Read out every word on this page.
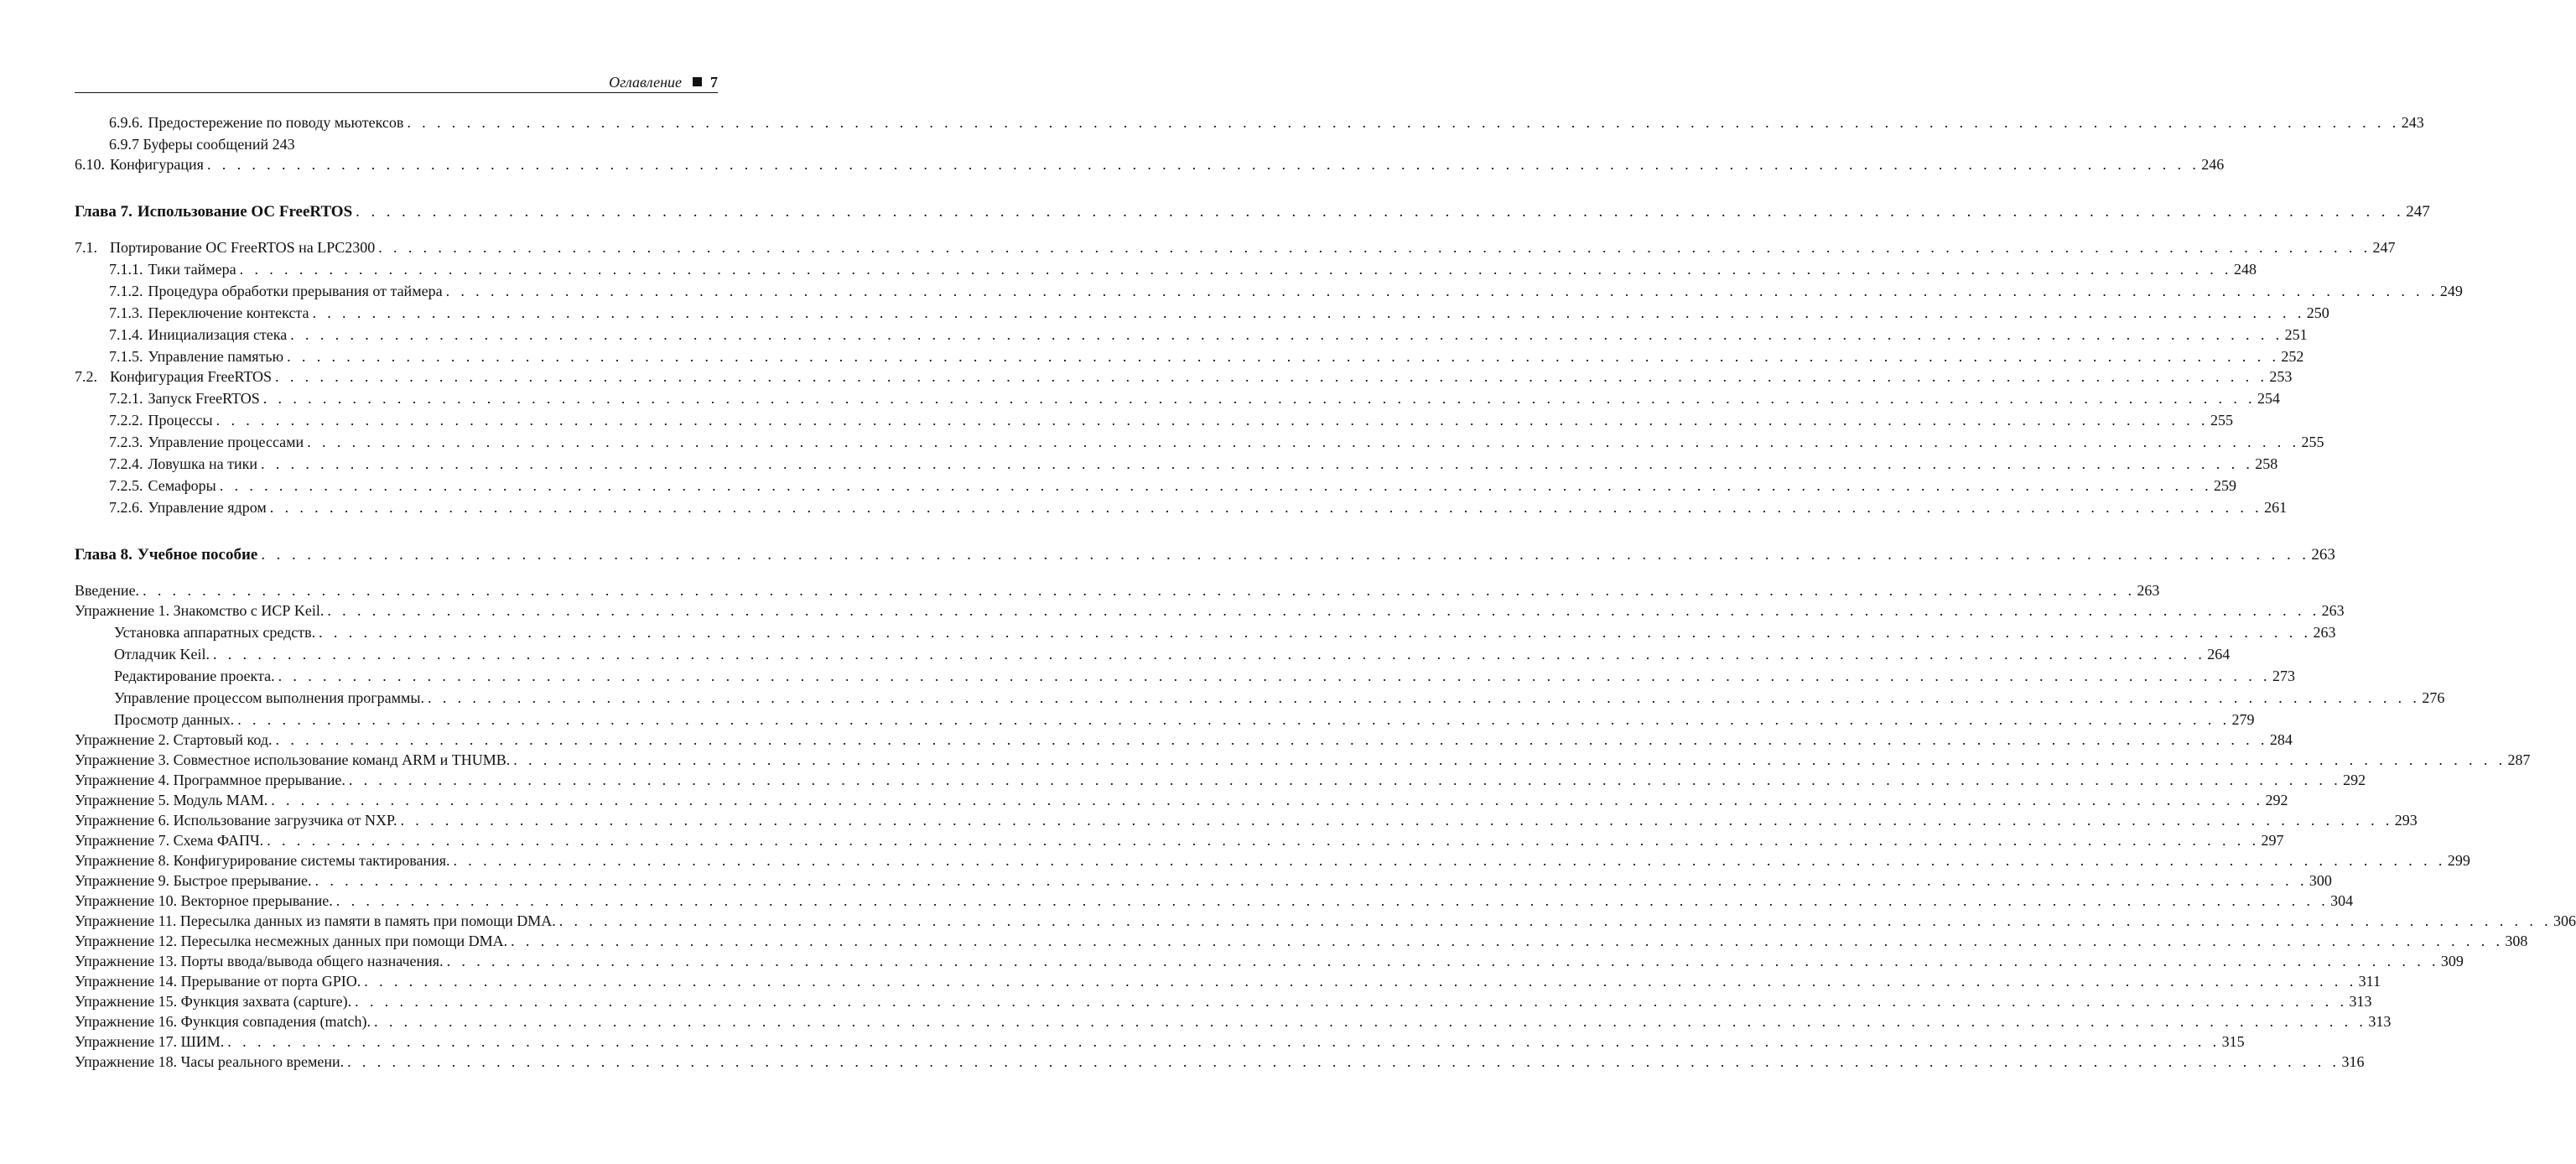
Оглавление 7
6.9.6. Предостережение по поводу мьютексов . . . . . . . . . . . . . . . . . . . . . . . . . . . . . . . . . . . . . . . . . . . . . . . . . . . . . . . . . . . . . . . . . . . . . . . . . . . . . . . . . . . . . . . . . . . . . . . . . . . . . . . . . . . . . . . . . . . . . . . . . . . . . . . . . . . . . . 243
6.9.7 Буферы сообщений 243
6.10. Конфигурация . . . . . . . . . . . . . . . . . . . . . . . . . . . . . . . . . . . . . . . . . . . . . . . . . . . . . . . . . . . . . . . . . . . . . . . . . . . . . . . . . . . . . . . . . . . . . . . . . . . . . . . . . . . . . . . . . . . . . . . . . . . . . . . . . . . . . . 246
Глава 7. Использование ОС FreeRTOS . . . . . . . . . . . . . . . . . . . . . . . . . . . . . . . . . . . . . . . . . . . . . . . . . . . . . . . . . . . . . . . . . . . . . . . . . . . . . . . . . . . . . . . . . . . . . . . . . . . . . . . . . . . . . . . . . . . . . . . . . . . . . . . . . . . . . . 247
7.1. Портирование ОС FreeRTOS на LPC2300 . . . . . . . . . . . . . . . . . . . . . . . . . . . . . . . . . . . . . . . . . . . . . . . . . . . . . . . . . . . . . . . . . . . . . . . . . . . . . . . . . . . . . . . . . . . . . . . . . . . . . . . . . . . . . . . . . . . . . . . . . . . . . . . . . . . . . . 247
7.1.1. Тики таймера . . . . . . . . . . . . . . . . . . . . . . . . . . . . . . . . . . . . . . . . . . . . . . . . . . . . . . . . . . . . . . . . . . . . . . . . . . . . . . . . . . . . . . . . . . . . . . . . . . . . . . . . . . . . . . . . . . . . . . . . . . . . . . . . . . . . . . 248
7.1.2. Процедура обработки прерывания от таймера . . . . . . . . . . . . . . . . . . . . . . . . . . . . . . . . . . . . . . . . . . . . . . . . . . . . . . . . . . . . . . . . . . . . . . . . . . . . . . . . . . . . . . . . . . . . . . . . . . . . . . . . . . . . . . . . . . . . . . . . . . . . . . . . . . . . . . 249
7.1.3. Переключение контекста . . . . . . . . . . . . . . . . . . . . . . . . . . . . . . . . . . . . . . . . . . . . . . . . . . . . . . . . . . . . . . . . . . . . . . . . . . . . . . . . . . . . . . . . . . . . . . . . . . . . . . . . . . . . . . . . . . . . . . . . . . . . . . . . . . . . . . 250
7.1.4. Инициализация стека . . . . . . . . . . . . . . . . . . . . . . . . . . . . . . . . . . . . . . . . . . . . . . . . . . . . . . . . . . . . . . . . . . . . . . . . . . . . . . . . . . . . . . . . . . . . . . . . . . . . . . . . . . . . . . . . . . . . . . . . . . . . . . . . . . . . . . 251
7.1.5. Управление памятью . . . . . . . . . . . . . . . . . . . . . . . . . . . . . . . . . . . . . . . . . . . . . . . . . . . . . . . . . . . . . . . . . . . . . . . . . . . . . . . . . . . . . . . . . . . . . . . . . . . . . . . . . . . . . . . . . . . . . . . . . . . . . . . . . . . . . . 252
7.2. Конфигурация FreeRTOS . . . . . . . . . . . . . . . . . . . . . . . . . . . . . . . . . . . . . . . . . . . . . . . . . . . . . . . . . . . . . . . . . . . . . . . . . . . . . . . . . . . . . . . . . . . . . . . . . . . . . . . . . . . . . . . . . . . . . . . . . . . . . . . . . . . . . . 253
7.2.1. Запуск FreeRTOS . . . . . . . . . . . . . . . . . . . . . . . . . . . . . . . . . . . . . . . . . . . . . . . . . . . . . . . . . . . . . . . . . . . . . . . . . . . . . . . . . . . . . . . . . . . . . . . . . . . . . . . . . . . . . . . . . . . . . . . . . . . . . . . . . . . . . . 254
7.2.2. Процессы . . . . . . . . . . . . . . . . . . . . . . . . . . . . . . . . . . . . . . . . . . . . . . . . . . . . . . . . . . . . . . . . . . . . . . . . . . . . . . . . . . . . . . . . . . . . . . . . . . . . . . . . . . . . . . . . . . . . . . . . . . . . . . . . . . . . . . 255
7.2.3. Управление процессами . . . . . . . . . . . . . . . . . . . . . . . . . . . . . . . . . . . . . . . . . . . . . . . . . . . . . . . . . . . . . . . . . . . . . . . . . . . . . . . . . . . . . . . . . . . . . . . . . . . . . . . . . . . . . . . . . . . . . . . . . . . . . . . . . . . . . . 255
7.2.4. Ловушка на тики . . . . . . . . . . . . . . . . . . . . . . . . . . . . . . . . . . . . . . . . . . . . . . . . . . . . . . . . . . . . . . . . . . . . . . . . . . . . . . . . . . . . . . . . . . . . . . . . . . . . . . . . . . . . . . . . . . . . . . . . . . . . . . . . . . . . . . 258
7.2.5. Семафоры . . . . . . . . . . . . . . . . . . . . . . . . . . . . . . . . . . . . . . . . . . . . . . . . . . . . . . . . . . . . . . . . . . . . . . . . . . . . . . . . . . . . . . . . . . . . . . . . . . . . . . . . . . . . . . . . . . . . . . . . . . . . . . . . . . . . . . 259
7.2.6. Управление ядром . . . . . . . . . . . . . . . . . . . . . . . . . . . . . . . . . . . . . . . . . . . . . . . . . . . . . . . . . . . . . . . . . . . . . . . . . . . . . . . . . . . . . . . . . . . . . . . . . . . . . . . . . . . . . . . . . . . . . . . . . . . . . . . . . . . . . . 261
Глава 8. Учебное пособие . . . . . . . . . . . . . . . . . . . . . . . . . . . . . . . . . . . . . . . . . . . . . . . . . . . . . . . . . . . . . . . . . . . . . . . . . . . . . . . . . . . . . . . . . . . . . . . . . . . . . . . . . . . . . . . . . . . . . . . . . . . . . . . . . . . . . . 263
Введение. . . . . . . . . . . . . . . . . . . . . . . . . . . . . . . . . . . . . . . . . . . . . . . . . . . . . . . . . . . . . . . . . . . . . . . . . . . . . . . . . . . . . . . . . . . . . . . . . . . . . . . . . . . . . . . . . . . . . . . . . . . . . . . . . . . . . . . 263
Упражнение 1. Знакомство с ИСР Keil. . . . . . . . . . . . . . . . . . . . . . . . . . . . . . . . . . . . . . . . . . . . . . . . . . . . . . . . . . . . . . . . . . . . . . . . . . . . . . . . . . . . . . . . . . . . . . . . . . . . . . . . . . . . . . . . . . . . . . . . . . . . . . . . . . . . . . . 263
Установка аппаратных средств. . . . . . . . . . . . . . . . . . . . . . . . . . . . . . . . . . . . . . . . . . . . . . . . . . . . . . . . . . . . . . . . . . . . . . . . . . . . . . . . . . . . . . . . . . . . . . . . . . . . . . . . . . . . . . . . . . . . . . . . . . . . . . . . . . . . . . . 263
Отладчик Keil. . . . . . . . . . . . . . . . . . . . . . . . . . . . . . . . . . . . . . . . . . . . . . . . . . . . . . . . . . . . . . . . . . . . . . . . . . . . . . . . . . . . . . . . . . . . . . . . . . . . . . . . . . . . . . . . . . . . . . . . . . . . . . . . . . . . . . . 264
Редактирование проекта. . . . . . . . . . . . . . . . . . . . . . . . . . . . . . . . . . . . . . . . . . . . . . . . . . . . . . . . . . . . . . . . . . . . . . . . . . . . . . . . . . . . . . . . . . . . . . . . . . . . . . . . . . . . . . . . . . . . . . . . . . . . . . . . . . . . . . . 273
Управление процессом выполнения программы. . . . . . . . . . . . . . . . . . . . . . . . . . . . . . . . . . . . . . . . . . . . . . . . . . . . . . . . . . . . . . . . . . . . . . . . . . . . . . . . . . . . . . . . . . . . . . . . . . . . . . . . . . . . . . . . . . . . . . . . . . . . . . . . . . . . . . . 276
Просмотр данных. . . . . . . . . . . . . . . . . . . . . . . . . . . . . . . . . . . . . . . . . . . . . . . . . . . . . . . . . . . . . . . . . . . . . . . . . . . . . . . . . . . . . . . . . . . . . . . . . . . . . . . . . . . . . . . . . . . . . . . . . . . . . . . . . . . . . . . 279
Упражнение 2. Стартовый код. . . . . . . . . . . . . . . . . . . . . . . . . . . . . . . . . . . . . . . . . . . . . . . . . . . . . . . . . . . . . . . . . . . . . . . . . . . . . . . . . . . . . . . . . . . . . . . . . . . . . . . . . . . . . . . . . . . . . . . . . . . . . . . . . . . . . . . 284
Упражнение 3. Совместное использование команд ARM и THUMB. . . . . . . . . . . . . . . . . . . . . . . . . . . . . . . . . . . . . . . . . . . . . . . . . . . . . . . . . . . . . . . . . . . . . . . . . . . . . . . . . . . . . . . . . . . . . . . . . . . . . . . . . . . . . . . . . . . . . . . . . . . . . . . . . . . . . . . 287
Упражнение 4. Программное прерывание. . . . . . . . . . . . . . . . . . . . . . . . . . . . . . . . . . . . . . . . . . . . . . . . . . . . . . . . . . . . . . . . . . . . . . . . . . . . . . . . . . . . . . . . . . . . . . . . . . . . . . . . . . . . . . . . . . . . . . . . . . . . . . . . . . . . . . . 292
Упражнение 5. Модуль МАМ. . . . . . . . . . . . . . . . . . . . . . . . . . . . . . . . . . . . . . . . . . . . . . . . . . . . . . . . . . . . . . . . . . . . . . . . . . . . . . . . . . . . . . . . . . . . . . . . . . . . . . . . . . . . . . . . . . . . . . . . . . . . . . . . . . . . . . . 292
Упражнение 6. Использование загрузчика от NXP. . . . . . . . . . . . . . . . . . . . . . . . . . . . . . . . . . . . . . . . . . . . . . . . . . . . . . . . . . . . . . . . . . . . . . . . . . . . . . . . . . . . . . . . . . . . . . . . . . . . . . . . . . . . . . . . . . . . . . . . . . . . . . . . . . . . . . . 293
Упражнение 7. Схема ФАПЧ. . . . . . . . . . . . . . . . . . . . . . . . . . . . . . . . . . . . . . . . . . . . . . . . . . . . . . . . . . . . . . . . . . . . . . . . . . . . . . . . . . . . . . . . . . . . . . . . . . . . . . . . . . . . . . . . . . . . . . . . . . . . . . . . . . . . . . . 297
Упражнение 8. Конфигурирование системы тактирования. . . . . . . . . . . . . . . . . . . . . . . . . . . . . . . . . . . . . . . . . . . . . . . . . . . . . . . . . . . . . . . . . . . . . . . . . . . . . . . . . . . . . . . . . . . . . . . . . . . . . . . . . . . . . . . . . . . . . . . . . . . . . . . . . . . . . . . 299
Упражнение 9. Быстрое прерывание. . . . . . . . . . . . . . . . . . . . . . . . . . . . . . . . . . . . . . . . . . . . . . . . . . . . . . . . . . . . . . . . . . . . . . . . . . . . . . . . . . . . . . . . . . . . . . . . . . . . . . . . . . . . . . . . . . . . . . . . . . . . . . . . . . . . . . . 300
Упражнение 10. Векторное прерывание. . . . . . . . . . . . . . . . . . . . . . . . . . . . . . . . . . . . . . . . . . . . . . . . . . . . . . . . . . . . . . . . . . . . . . . . . . . . . . . . . . . . . . . . . . . . . . . . . . . . . . . . . . . . . . . . . . . . . . . . . . . . . . . . . . . . . . . 304
Упражнение 11. Пересылка данных из памяти в память при помощи DMA. . . . . . . . . . . . . . . . . . . . . . . . . . . . . . . . . . . . . . . . . . . . . . . . . . . . . . . . . . . . . . . . . . . . . . . . . . . . . . . . . . . . . . . . . . . . . . . . . . . . . . . . . . . . . . . . . . . . . . . . . . . . . . . . . . . . . . . 306
Упражнение 12. Пересылка несмежных данных при помощи DMA. . . . . . . . . . . . . . . . . . . . . . . . . . . . . . . . . . . . . . . . . . . . . . . . . . . . . . . . . . . . . . . . . . . . . . . . . . . . . . . . . . . . . . . . . . . . . . . . . . . . . . . . . . . . . . . . . . . . . . . . . . . . . . . . . . . . . . . 308
Упражнение 13. Порты ввода/вывода общего назначения. . . . . . . . . . . . . . . . . . . . . . . . . . . . . . . . . . . . . . . . . . . . . . . . . . . . . . . . . . . . . . . . . . . . . . . . . . . . . . . . . . . . . . . . . . . . . . . . . . . . . . . . . . . . . . . . . . . . . . . . . . . . . . . . . . . . . . . 309
Упражнение 14. Прерывание от порта GPIO. . . . . . . . . . . . . . . . . . . . . . . . . . . . . . . . . . . . . . . . . . . . . . . . . . . . . . . . . . . . . . . . . . . . . . . . . . . . . . . . . . . . . . . . . . . . . . . . . . . . . . . . . . . . . . . . . . . . . . . . . . . . . . . . . . . . . . . 311
Упражнение 15. Функция захвата (capture). . . . . . . . . . . . . . . . . . . . . . . . . . . . . . . . . . . . . . . . . . . . . . . . . . . . . . . . . . . . . . . . . . . . . . . . . . . . . . . . . . . . . . . . . . . . . . . . . . . . . . . . . . . . . . . . . . . . . . . . . . . . . . . . . . . . . . . 313
Упражнение 16. Функция совпадения (match). . . . . . . . . . . . . . . . . . . . . . . . . . . . . . . . . . . . . . . . . . . . . . . . . . . . . . . . . . . . . . . . . . . . . . . . . . . . . . . . . . . . . . . . . . . . . . . . . . . . . . . . . . . . . . . . . . . . . . . . . . . . . . . . . . . . . . . 313
Упражнение 17. ШИМ. . . . . . . . . . . . . . . . . . . . . . . . . . . . . . . . . . . . . . . . . . . . . . . . . . . . . . . . . . . . . . . . . . . . . . . . . . . . . . . . . . . . . . . . . . . . . . . . . . . . . . . . . . . . . . . . . . . . . . . . . . . . . . . . . . . . . . . 315
Упражнение 18. Часы реального времени. . . . . . . . . . . . . . . . . . . . . . . . . . . . . . . . . . . . . . . . . . . . . . . . . . . . . . . . . . . . . . . . . . . . . . . . . . . . . . . . . . . . . . . . . . . . . . . . . . . . . . . . . . . . . . . . . . . . . . . . . . . . . . . . . . . . . . . 316
